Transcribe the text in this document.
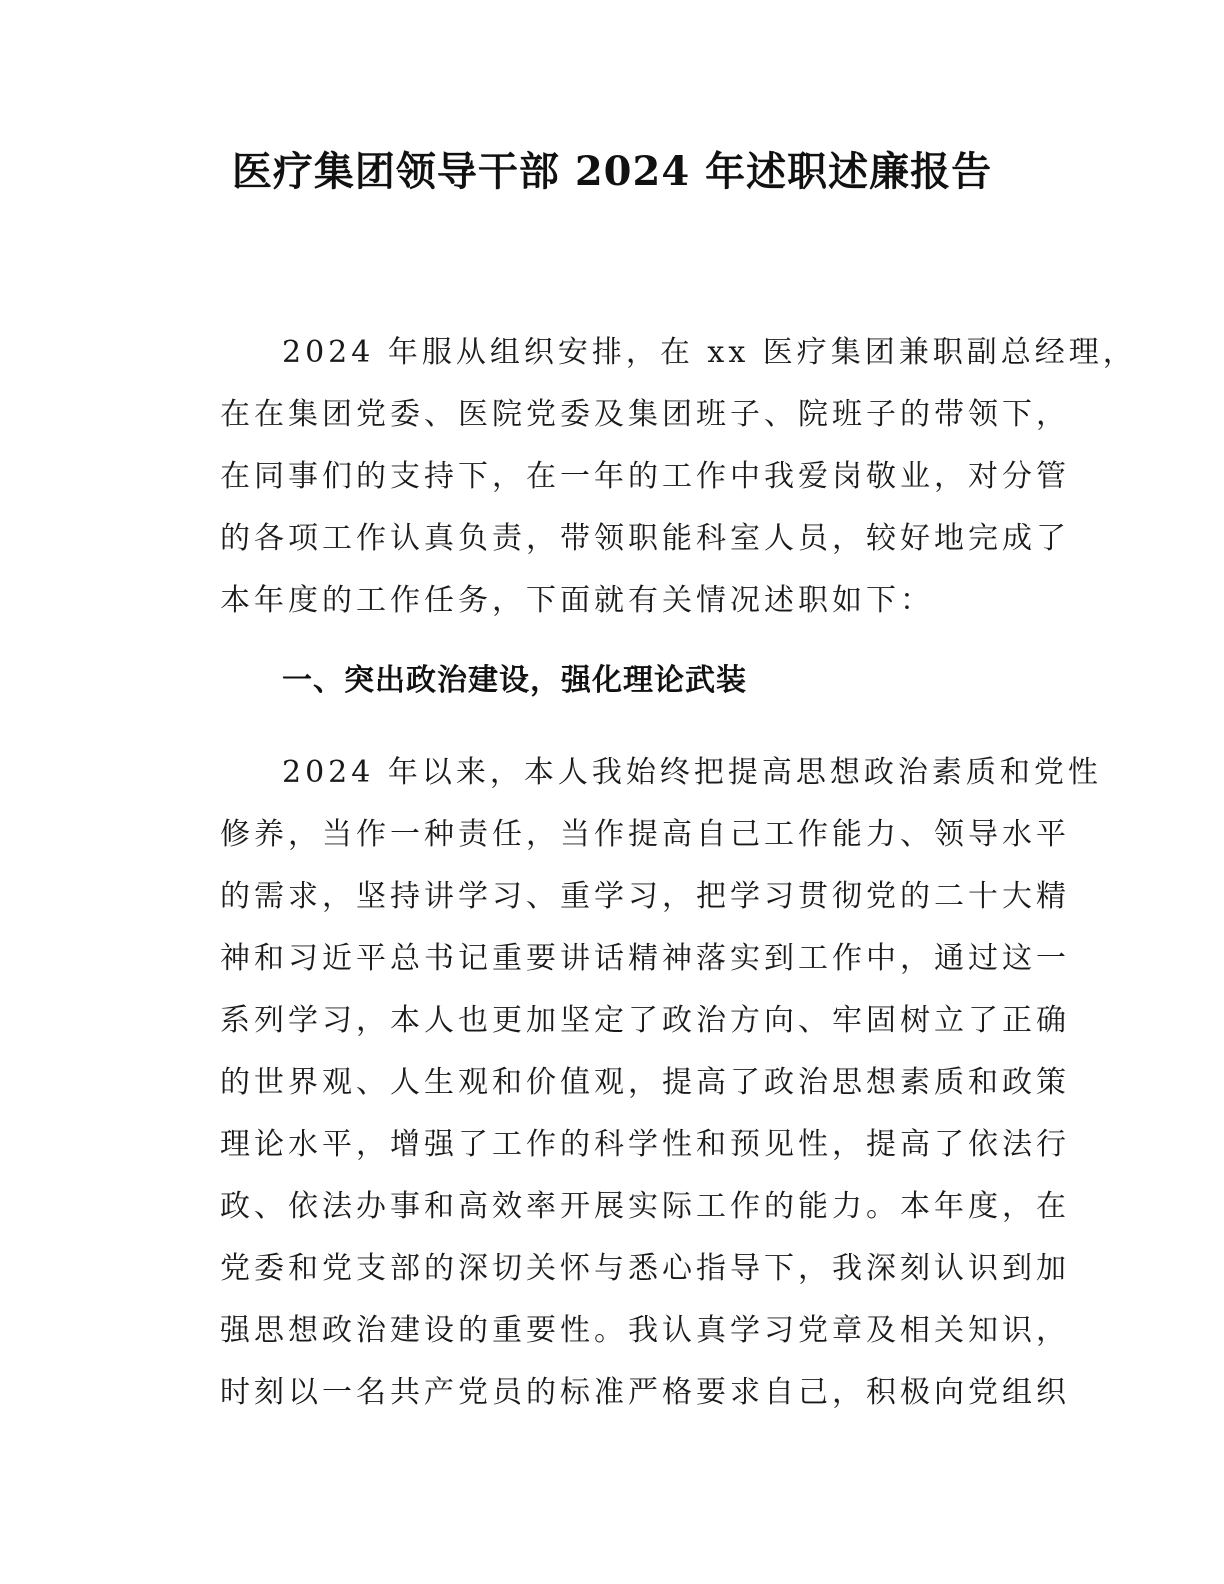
医疗集团领导干部 2024 年述职述廉报告
2024 年服从组织安排，在 xx 医疗集团兼职副总经理，
在在集团党委、医院党委及集团班子、院班子的带领下，
在同事们的支持下，在一年的工作中我爱岗敬业，对分管
的各项工作认真负责，带领职能科室人员，较好地完成了
本年度的工作任务，下面就有关情况述职如下：
一、突出政治建设，强化理论武装
2024 年以来，本人我始终把提高思想政治素质和党性
修养，当作一种责任，当作提高自己工作能力、领导水平
的需求，坚持讲学习、重学习，把学习贯彻党的二十大精
神和习近平总书记重要讲话精神落实到工作中，通过这一
系列学习，本人也更加坚定了政治方向、牢固树立了正确
的世界观、人生观和价值观，提高了政治思想素质和政策
理论水平，增强了工作的科学性和预见性，提高了依法行
政、依法办事和高效率开展实际工作的能力。本年度，在
党委和党支部的深切关怀与悉心指导下，我深刻认识到加
强思想政治建设的重要性。我认真学习党章及相关知识，
时刻以一名共产党员的标准严格要求自己，积极向党组织
